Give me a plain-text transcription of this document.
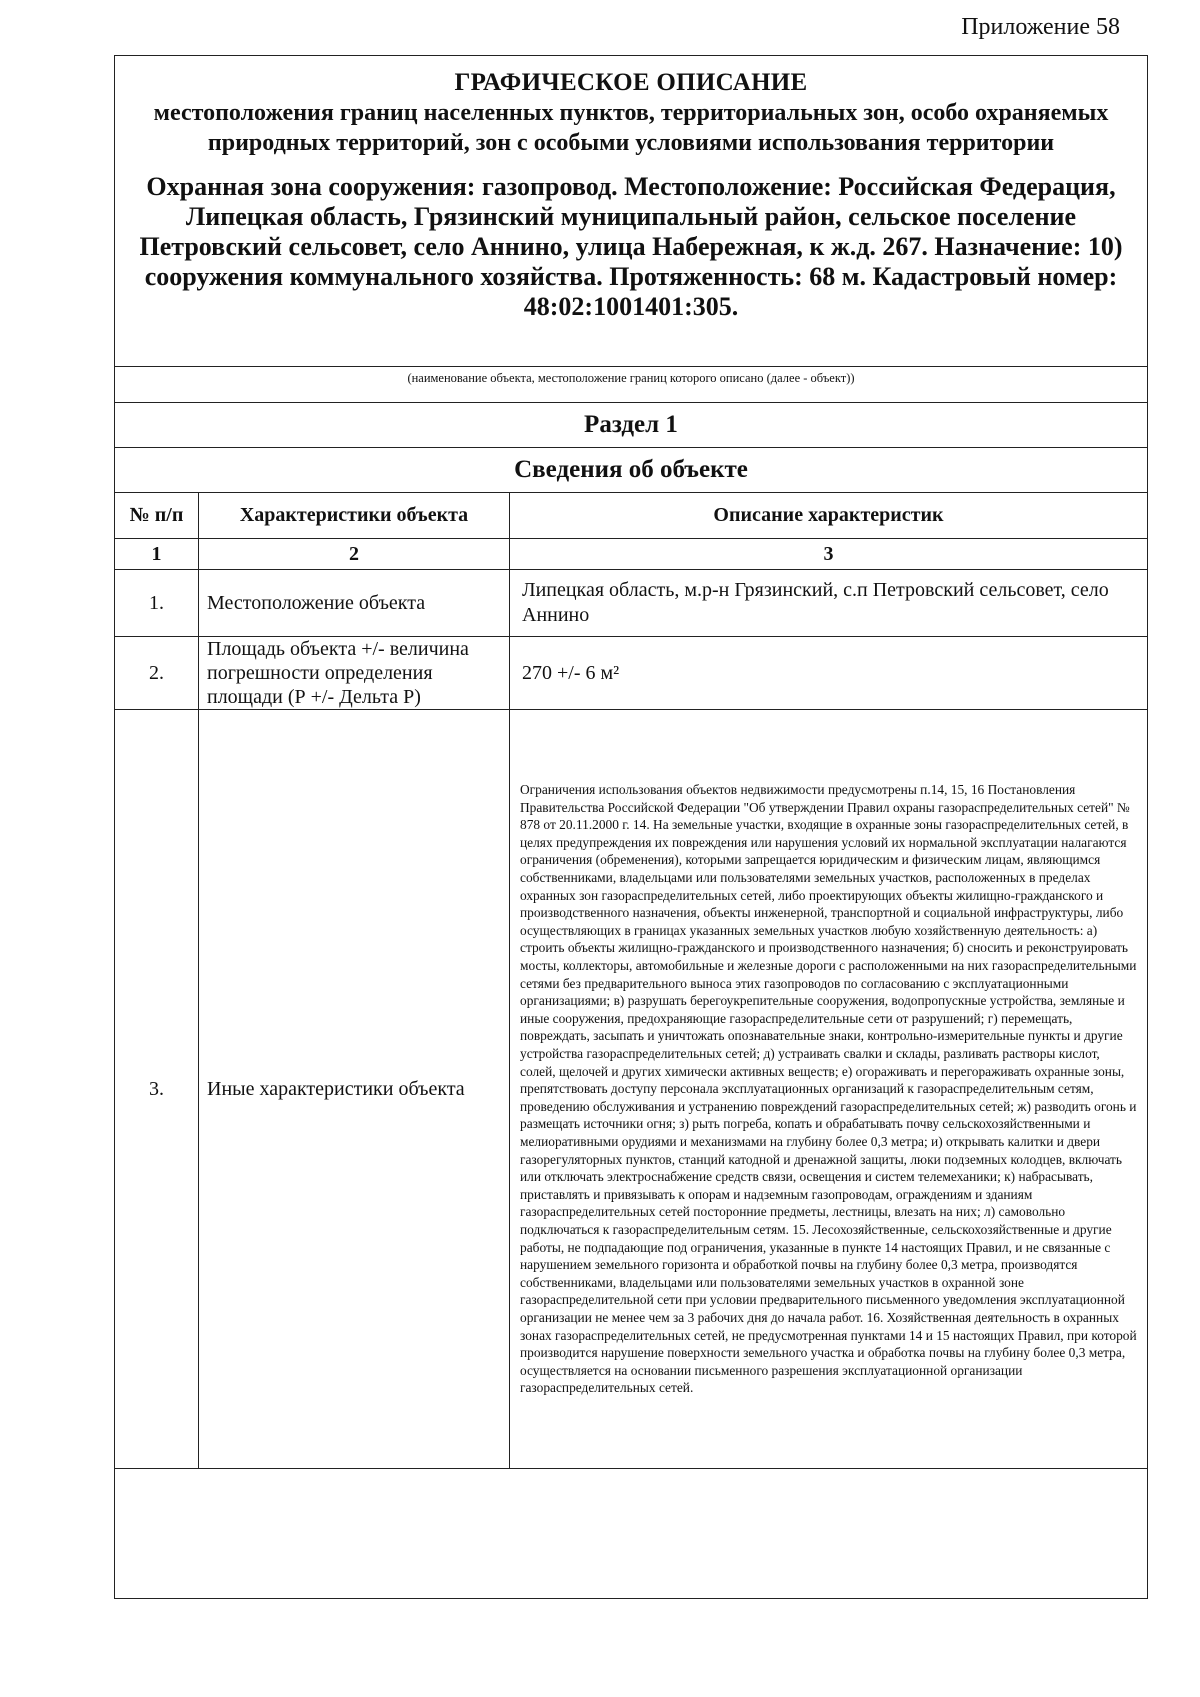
Приложение 58
ГРАФИЧЕСКОЕ ОПИСАНИЕ
местоположения границ населенных пунктов, территориальных зон, особо охраняемых природных территорий, зон с особыми условиями использования территории
Охранная зона сооружения: газопровод. Местоположение: Российская Федерация, Липецкая область, Грязинский муниципальный район, сельское поселение Петровский сельсовет, село Аннино, улица Набережная, к ж.д. 267. Назначение: 10) сооружения коммунального хозяйства. Протяженность: 68 м. Кадастровый номер: 48:02:1001401:305.
(наименование объекта, местоположение границ которого описано (далее - объект))
Раздел 1		
Сведения об объекте		
№ п/п	Характеристики объекта	Описание характеристик
1	2	3
1.	Местоположение объекта	Липецкая область, м.р-н Грязинский, с.п Петровский сельсовет, село Аннино
2.	Площадь объекта +/- величина погрешности определения площади (Р +/- Дельта Р)	270 +/- 6 м²
3.	Иные характеристики объекта	Ограничения использования объектов недвижимости предусмотрены п.14, 15, 16 Постановления Правительства Российской Федерации "Об утверждении Правил охраны газораспределительных сетей" № 878 от 20.11.2000 г. 14. На земельные участки, входящие в охранные зоны газораспределительных сетей, в целях предупреждения их повреждения или нарушения условий их нормальной эксплуатации налагаются ограничения (обременения), которыми запрещается юридическим и физическим лицам, являющимся собственниками, владельцами или пользователями земельных участков, расположенных в пределах охранных зон газораспределительных сетей, либо проектирующих объекты жилищно-гражданского и производственного назначения, объекты инженерной, транспортной и социальной инфраструктуры, либо осуществляющих в границах указанных земельных участков любую хозяйственную деятельность: а) строить объекты жилищно-гражданского и производственного назначения; б) сносить и реконструировать мосты, коллекторы, автомобильные и железные дороги с расположенными на них газораспределительными сетями без предварительного выноса этих газопроводов по согласованию с эксплуатационными организациями; в) разрушать берегоукрепительные сооружения, водопропускные устройства, земляные и иные сооружения, предохраняющие газораспределительные сети от разрушений; г) перемещать, повреждать, засыпать и уничтожать опознавательные знаки, контрольно-измерительные пункты и другие устройства газораспределительных сетей; д) устраивать свалки и склады, разливать растворы кислот, солей, щелочей и других химически активных веществ; е) огораживать и перегораживать охранные зоны, препятствовать доступу персонала эксплуатационных организаций к газораспределительным сетям, проведению обслуживания и устранению повреждений газораспределительных сетей; ж) разводить огонь и размещать источники огня; з) рыть погреба, копать и обрабатывать почву сельскохозяйственными и мелиоративными орудиями и механизмами на глубину более 0,3 метра; и) открывать калитки и двери газорегуляторных пунктов, станций катодной и дренажной защиты, люки подземных колодцев, включать или отключать электроснабжение средств связи, освещения и систем телемеханики; к) набрасывать, приставлять и привязывать к опорам и надземным газопроводам, ограждениям и зданиям газораспределительных сетей посторонние предметы, лестницы, влезать на них; л) самовольно подключаться к газораспределительным сетям. 15. Лесохозяйственные, сельскохозяйственные и другие работы, не подпадающие под ограничения, указанные в пункте 14 настоящих Правил, и не связанные с нарушением земельного горизонта и обработкой почвы на глубину более 0,3 метра, производятся собственниками, владельцами или пользователями земельных участков в охранной зоне газораспределительной сети при условии предварительного письменного уведомления эксплуатационной организации не менее чем за 3 рабочих дня до начала работ. 16. Хозяйственная деятельность в охранных зонах газораспределительных сетей, не предусмотренная пунктами 14 и 15 настоящих Правил, при которой производится нарушение поверхности земельного участка и обработка почвы на глубину более 0,3 метра, осуществляется на основании письменного разрешения эксплуатационной организации газораспределительных сетей.
